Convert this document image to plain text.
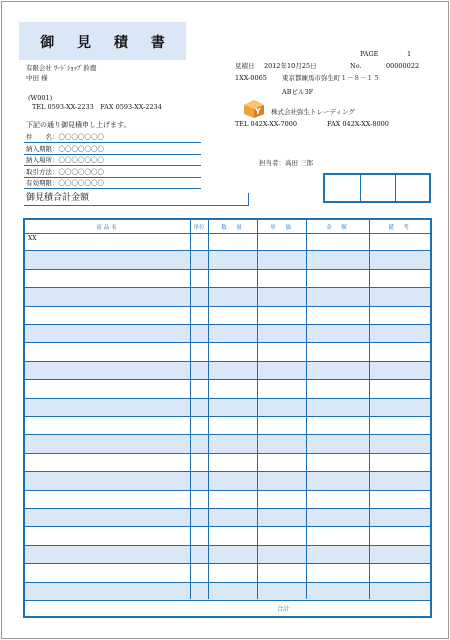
御 見 積 書
有限会社 ﾜｰﾄﾞｼｮｯﾌﾟ鈴鹿
中田 様
(W001)
TEL 0593-XX-2233　FAX 0593-XX-2234
下記の通り御見積申し上げます。
件　　名：〇〇〇〇〇〇〇
納入期限：〇〇〇〇〇〇〇
納入場所：〇〇〇〇〇〇〇
取引方法：〇〇〇〇〇〇〇
有効期限：〇〇〇〇〇〇〇
御見積合計金額
PAGE	1
見積日 2012年10月25日	No.	00000022
1XX-0065 東京都練馬市弥生町１－８－１５
ABビル3F
Y 株式会社弥生トレーディング
TEL 042X-XX-7000	FAX 042X-XX-8000
担当者：高田 三郎
商品名	単位	数　量	単　価	金　額	備　考
XX
合計
